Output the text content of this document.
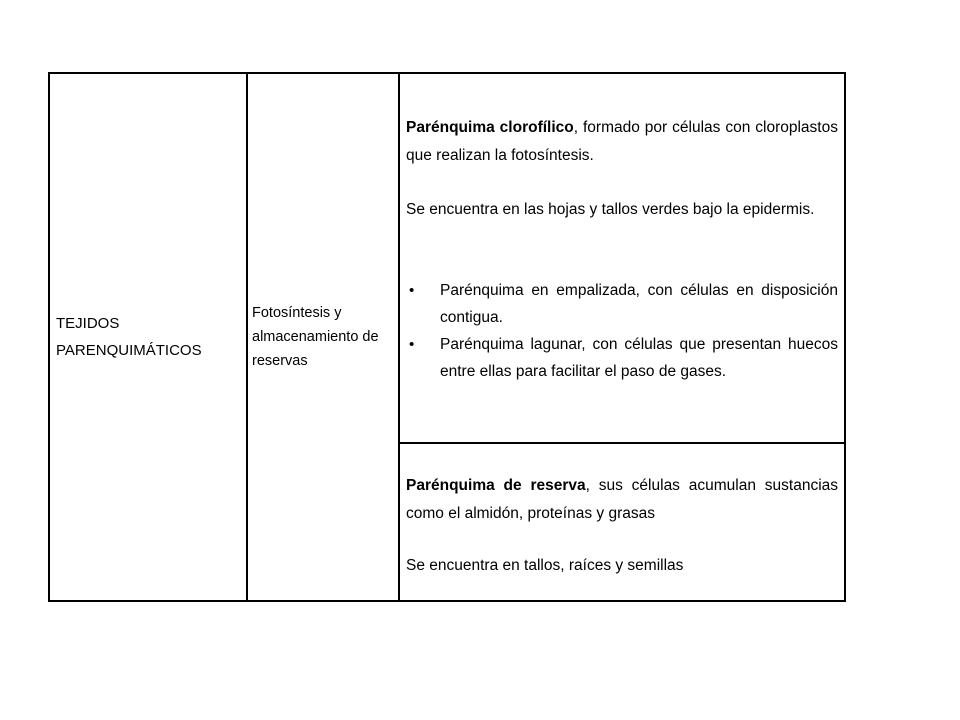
TEJIDOS PARENQUIMÁTICOS
Fotosíntesis y almacenamiento de reservas

Parénquima clorofílico, formado por células con cloroplastos que realizan la fotosíntesis.

Se encuentra en las hojas y tallos verdes bajo la epidermis.

• Parénquima en empalizada, con células en disposición contigua.
• Parénquima lagunar, con células que presentan huecos entre ellas para facilitar el paso de gases.

Parénquima de reserva, sus células acumulan sustancias como el almidón, proteínas y grasas

Se encuentra en tallos, raíces y semillas
